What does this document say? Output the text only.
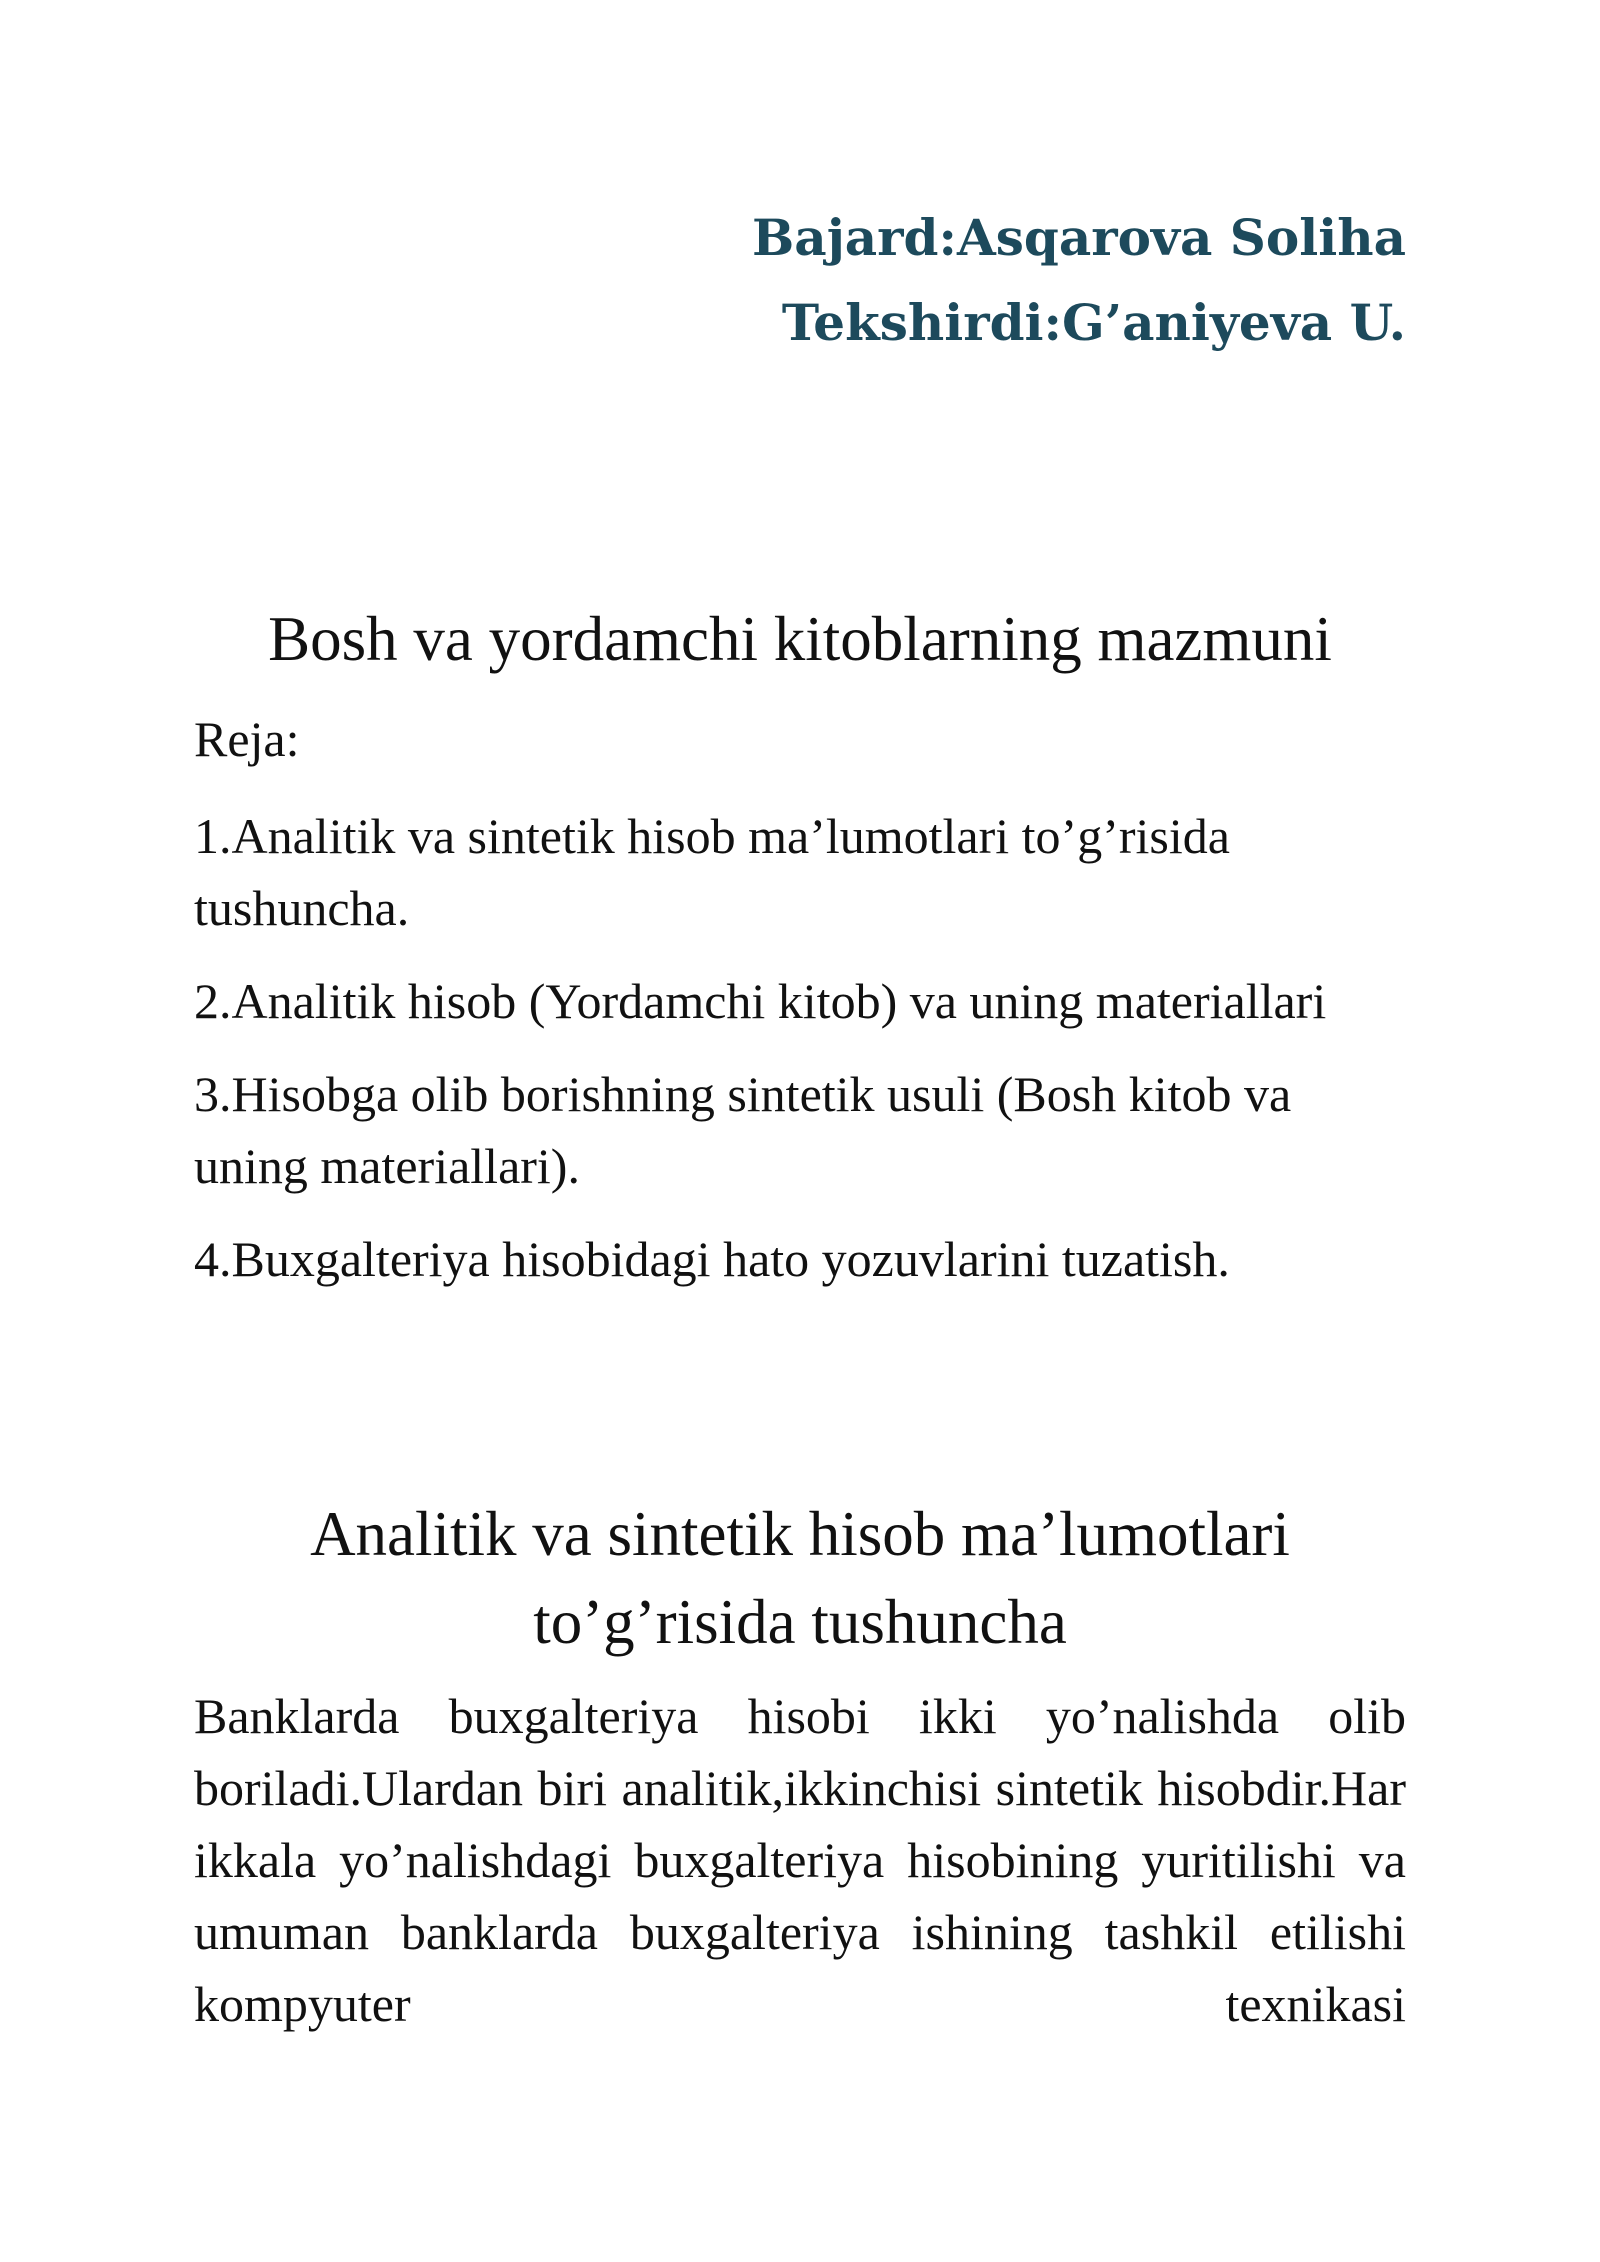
Bajard:Asqarova Soliha
Tekshirdi:G’aniyeva U.
Bosh va yordamchi kitoblarning mazmuni

Reja:

1.Analitik va sintetik hisob ma’lumotlari to’g’risida tushuncha.
2.Analitik hisob (Yordamchi kitob) va uning materiallari
3.Hisobga olib borishning sintetik usuli (Bosh kitob va uning materiallari).
4.Buxgalteriya hisobidagi hato yozuvlarini tuzatish.
Analitik va sintetik hisob ma’lumotlari
to’g’risida tushuncha

Banklarda buxgalteriya hisobi ikki yo’nalishda olib boriladi.Ulardan biri analitik,ikkinchisi sintetik hisobdir.Har ikkala yo’nalishdagi buxgalteriya hisobining yuritilishi va umuman banklarda buxgalteriya ishining tashkil etilishi kompyuter texnikasi
